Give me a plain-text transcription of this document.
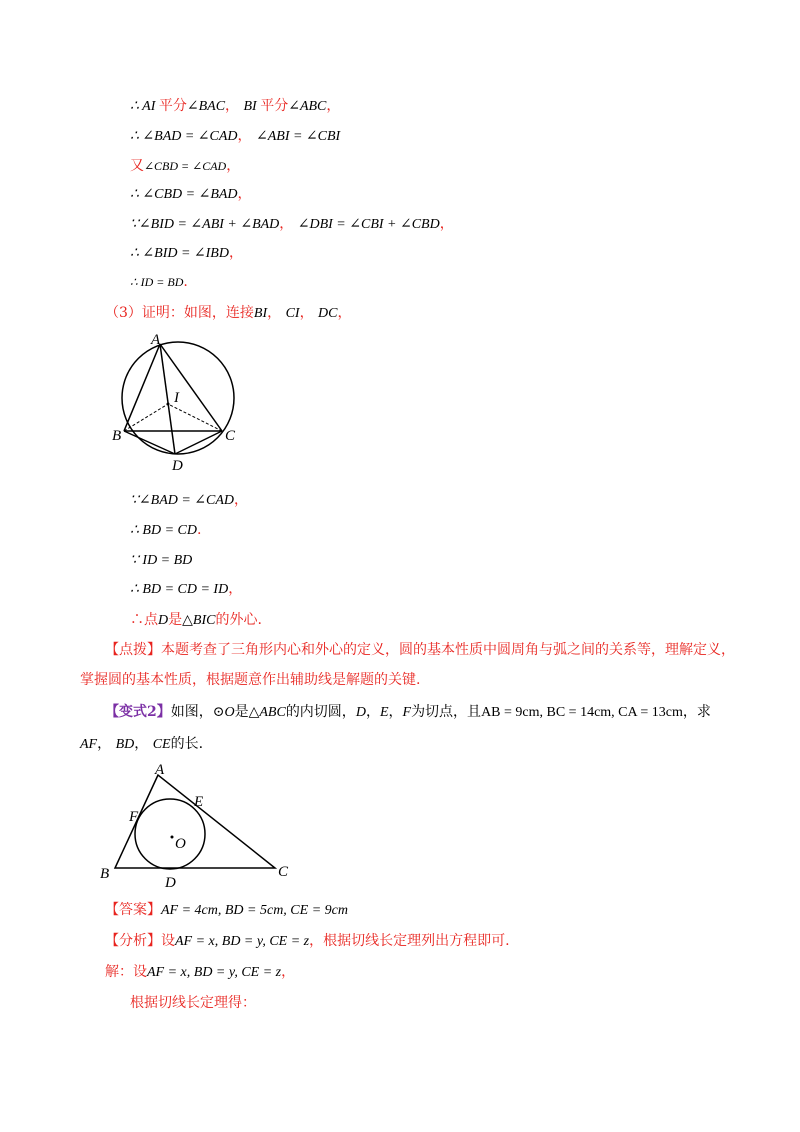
∴ AI 平分∠BAC， BI 平分∠ABC，
∴ ∠BAD = ∠CAD， ∠ABI = ∠CBI
又∠CBD = ∠CAD，
∴ ∠CBD = ∠BAD，
∵∠BID = ∠ABI + ∠BAD， ∠DBI = ∠CBI + ∠CBD，
∴ ∠BID = ∠IBD，
∴ ID = BD.
（3）证明：如图，连接BI， CI， DC，
A
I
B	C
D
∵∠BAD = ∠CAD，
∴ BD = CD.
∵ ID = BD
∴ BD = CD = ID，
∴点D是△BIC的外心.
【点拨】本题考查了三角形内心和外心的定义，圆的基本性质中圆周角与弧之间的关系等，理解定义，
掌握圆的基本性质，根据题意作出辅助线是解题的关键.
【变式2】如图，⊙O是△ABC的内切圆，D，E，F为切点，且AB = 9cm, BC = 14cm, CA = 13cm，求
AF， BD， CE的长.
A
E
F
O
B
D
C
【答案】AF = 4cm, BD = 5cm, CE = 9cm
【分析】设AF = x, BD = y, CE = z，根据切线长定理列出方程即可.
解：设AF = x, BD = y, CE = z，
根据切线长定理得：
